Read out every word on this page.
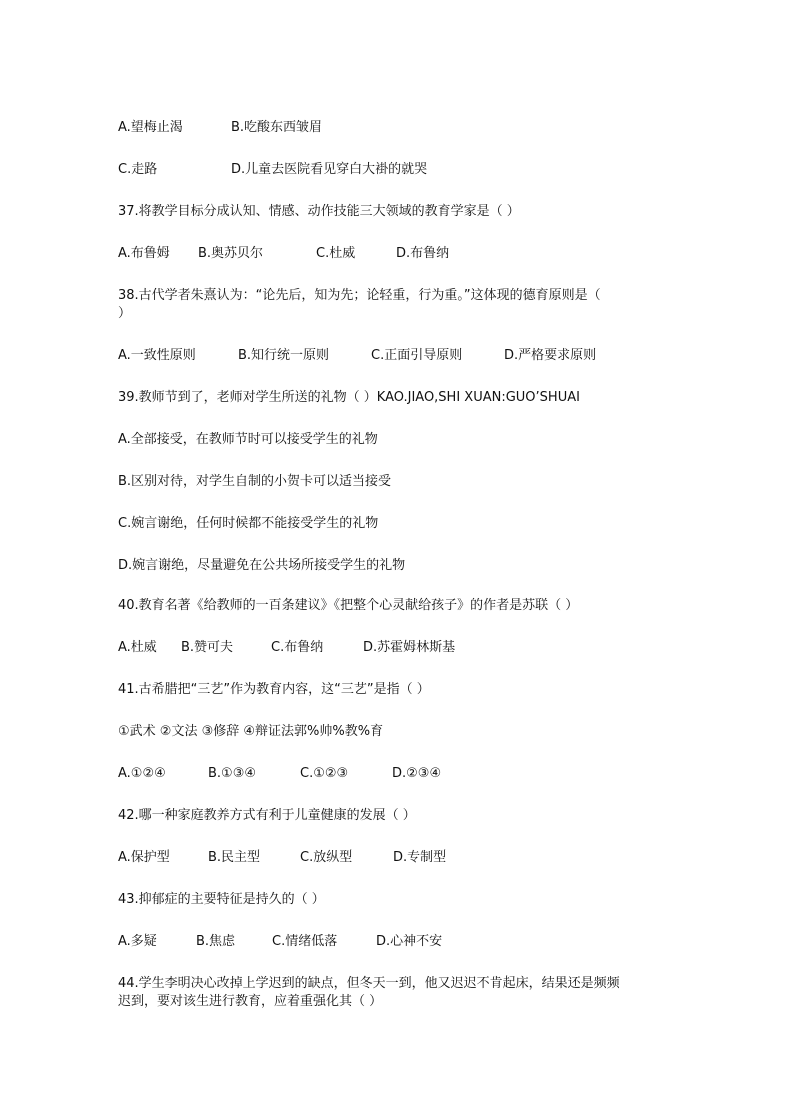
A.望梅止渴	B.吃酸东西皱眉
C.走路	D.儿童去医院看见穿白大褂的就哭
37.将教学目标分成认知、情感、动作技能三大领域的教育学家是（ ）
A.布鲁姆 B.奥苏贝尔	C.杜威	D.布鲁纳
38.古代学者朱熹认为：“论先后，知为先；论轻重，行为重。”这体现的德育原则是（
）
A.一致性原则	B.知行统一原则	C.正面引导原则	D.严格要求原则
39.教师节到了，老师对学生所送的礼物（ ）KAO.JIAO,SHI XUAN:GUO’SHUAI
A.全部接受，在教师节时可以接受学生的礼物
B.区别对待，对学生自制的小贺卡可以适当接受
C.婉言谢绝，任何时候都不能接受学生的礼物
D.婉言谢绝，尽量避免在公共场所接受学生的礼物
40.教育名著《给教师的一百条建议》《把整个心灵献给孩子》的作者是苏联（ ）
A.杜威 B.赞可夫	C.布鲁纳	D.苏霍姆林斯基
41.古希腊把“三艺”作为教育内容，这“三艺”是指（ ）
①武术 ②文法 ③修辞 ④辩证法郭%帅%教%育
A.①②④	B.①③④	C.①②③	D.②③④
42.哪一种家庭教养方式有利于儿童健康的发展（ ）
A.保护型	B.民主型	C.放纵型	D.专制型
43.抑郁症的主要特征是持久的（ ）
A.多疑	B.焦虑	C.情绪低落	D.心神不安
44.学生李明决心改掉上学迟到的缺点，但冬天一到，他又迟迟不肯起床，结果还是频频
迟到，要对该生进行教育，应着重强化其（ ）
